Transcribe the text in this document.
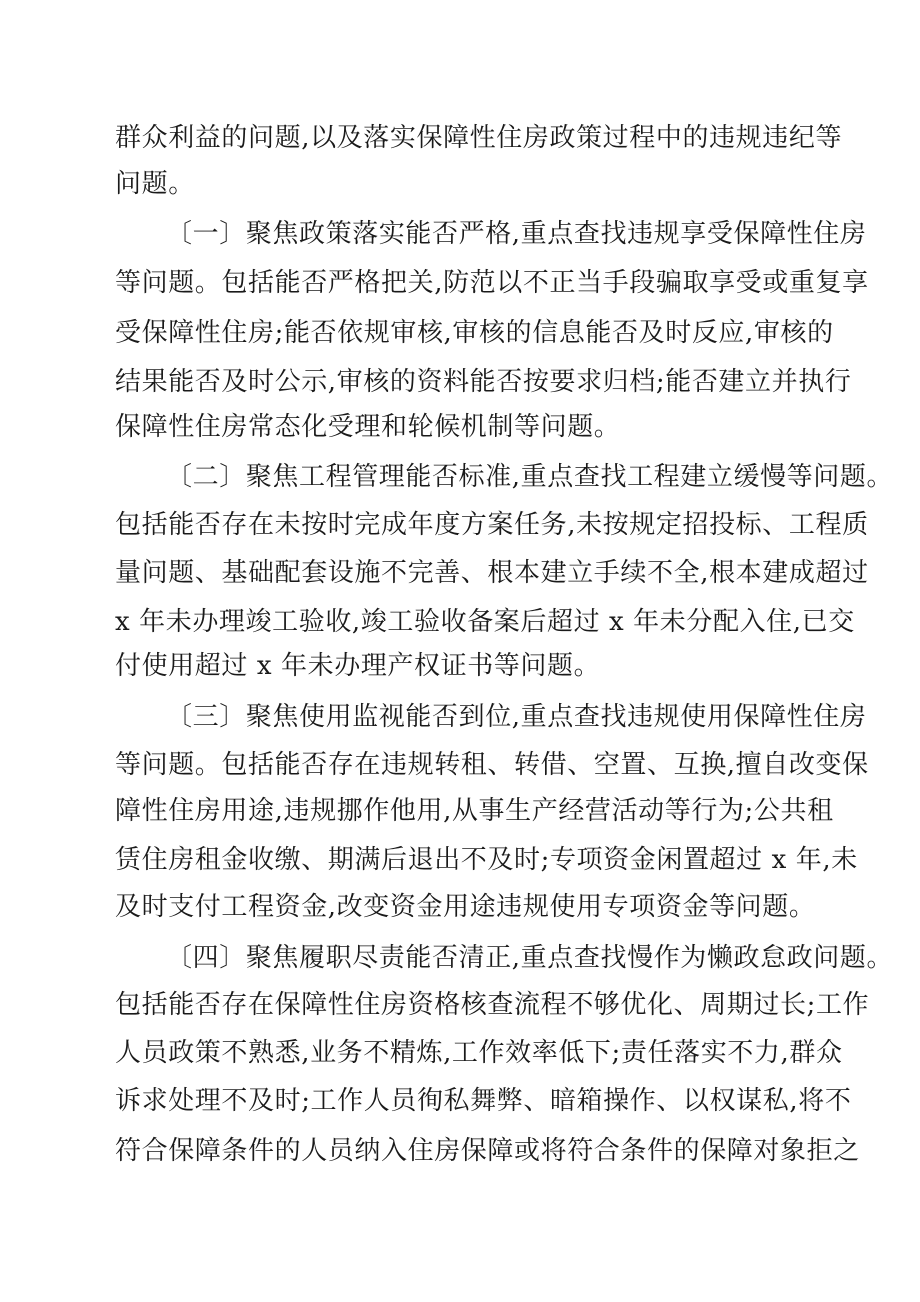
群众利益的问题,以及落实保障性住房政策过程中的违规违纪等
问题。
〔一〕聚焦政策落实能否严格,重点查找违规享受保障性住房
等问题。包括能否严格把关,防范以不正当手段骗取享受或重复享
受保障性住房;能否依规审核,审核的信息能否及时反应,审核的
结果能否及时公示,审核的资料能否按要求归档;能否建立并执行
保障性住房常态化受理和轮候机制等问题。
〔二〕聚焦工程管理能否标准,重点查找工程建立缓慢等问题。
包括能否存在未按时完成年度方案任务,未按规定招投标、工程质
量问题、基础配套设施不完善、根本建立手续不全,根本建成超过
x 年未办理竣工验收,竣工验收备案后超过 x 年未分配入住,已交
付使用超过 x 年未办理产权证书等问题。
〔三〕聚焦使用监视能否到位,重点查找违规使用保障性住房
等问题。包括能否存在违规转租、转借、空置、互换,擅自改变保
障性住房用途,违规挪作他用,从事生产经营活动等行为;公共租
赁住房租金收缴、期满后退出不及时;专项资金闲置超过 x 年,未
及时支付工程资金,改变资金用途违规使用专项资金等问题。
〔四〕聚焦履职尽责能否清正,重点查找慢作为懒政怠政问题。
包括能否存在保障性住房资格核查流程不够优化、周期过长;工作
人员政策不熟悉,业务不精炼,工作效率低下;责任落实不力,群众
诉求处理不及时;工作人员徇私舞弊、暗箱操作、以权谋私,将不
符合保障条件的人员纳入住房保障或将符合条件的保障对象拒之
